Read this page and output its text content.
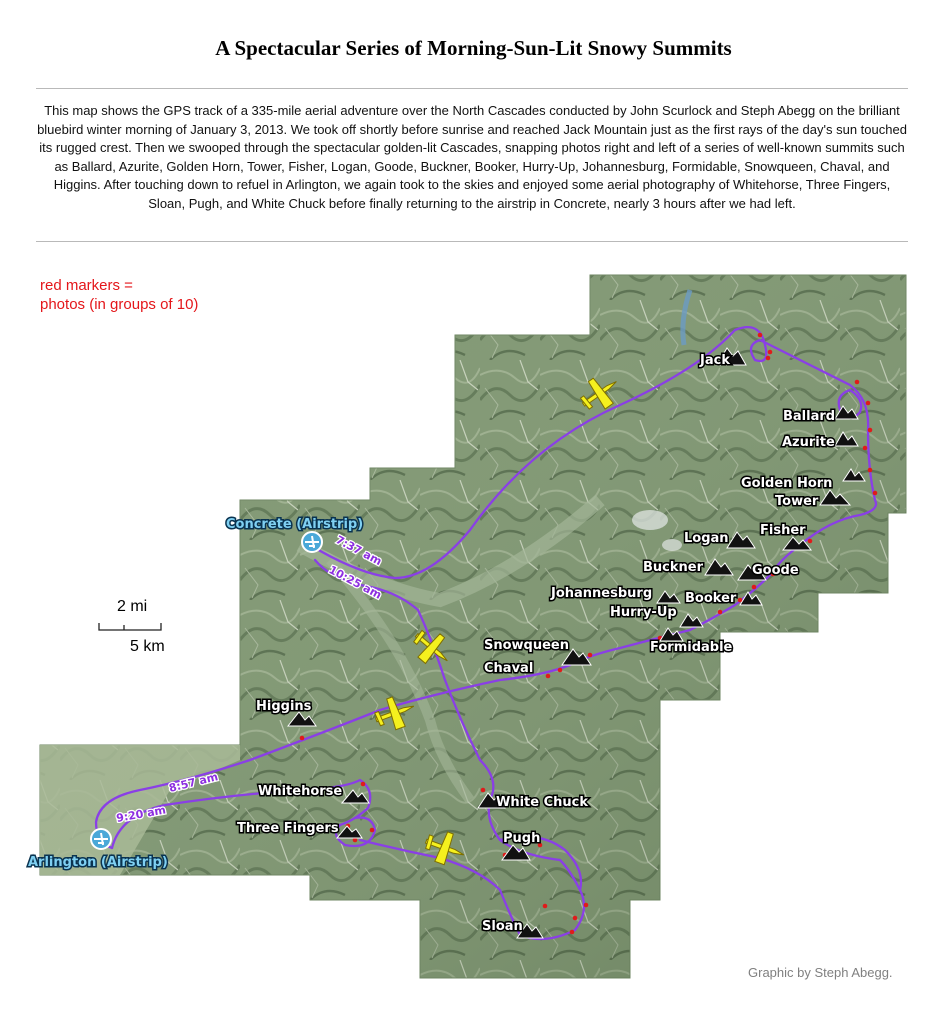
A Spectacular Series of Morning-Sun-Lit Snowy Summits
This map shows the GPS track of a 335-mile aerial adventure over the North Cascades conducted by John Scurlock and Steph Abegg on the brilliant bluebird winter morning of January 3, 2013. We took off shortly before sunrise and reached Jack Mountain just as the first rays of the day's sun touched its rugged crest. Then we swooped through the spectacular golden-lit Cascades, snapping photos right and left of a series of well-known summits such as Ballard, Azurite, Golden Horn, Tower, Fisher, Logan, Goode, Buckner, Booker, Hurry-Up, Johannesburg, Formidable, Snowqueen, Chaval, and Higgins. After touching down to refuel in Arlington, we again took to the skies and enjoyed some aerial photography of Whitehorse, Three Fingers, Sloan, Pugh, and White Chuck before finally returning to the airstrip in Concrete, nearly 3 hours after we had left.
Concrete (Airstrip)
Arlington (Airstrip)
7:37 am
10:25 am
8:57 am
9:20 am
Jack
Ballard
Azurite
Golden Horn
Tower
Fisher
Logan
Buckner	Goode
Johannesburg	Booker
Hurry-Up
Snowqueen	Formidable
Chaval
Higgins
Whitehorse
White Chuck
Three Fingers
Pugh
Sloan
red markers =
photos (in groups of 10)
2 mi
5 km
Graphic by Steph Abegg.
